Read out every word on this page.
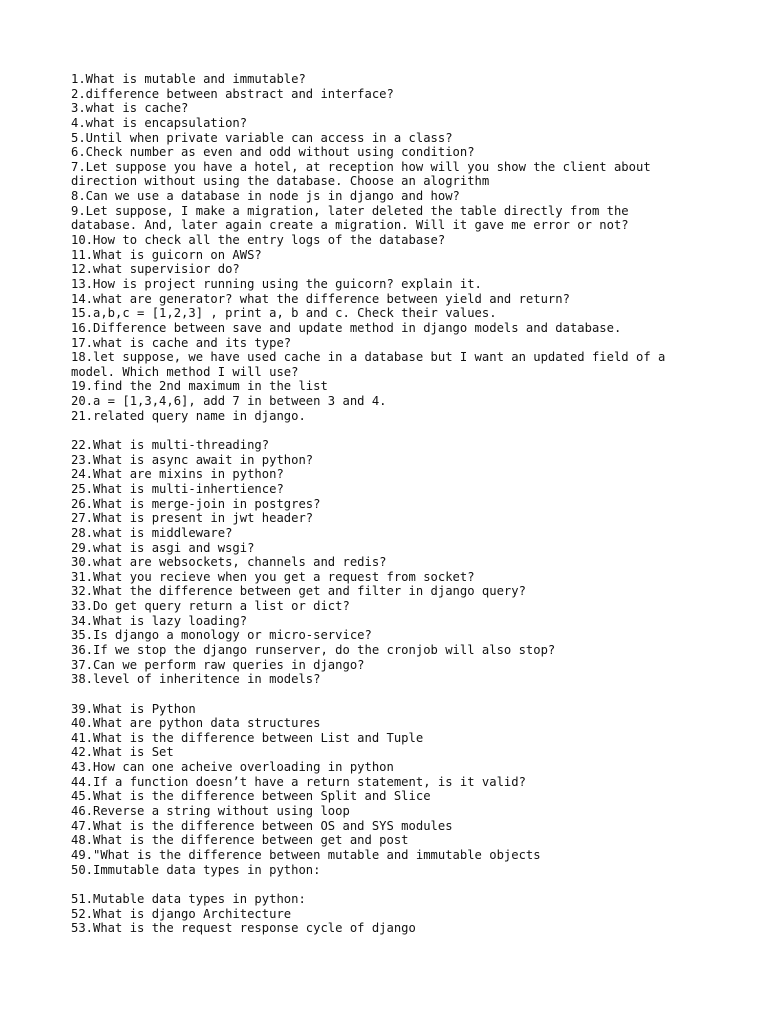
1.What is mutable and immutable?
2.difference between abstract and interface?
3.what is cache?
4.what is encapsulation?
5.Until when private variable can access in a class?
6.Check number as even and odd without using condition?
7.Let suppose you have a hotel, at reception how will you show the client about
direction without using the database. Choose an alogrithm
8.Can we use a database in node js in django and how?
9.Let suppose, I make a migration, later deleted the table directly from the
database. And, later again create a migration. Will it gave me error or not?
10.How to check all the entry logs of the database?
11.What is guicorn on AWS?
12.what supervisior do?
13.How is project running using the guicorn? explain it.
14.what are generator? what the difference between yield and return?
15.a,b,c = [1,2,3] , print a, b and c. Check their values.
16.Difference between save and update method in django models and database.
17.what is cache and its type?
18.let suppose, we have used cache in a database but I want an updated field of a
model. Which method I will use?
19.find the 2nd maximum in the list
20.a = [1,3,4,6], add 7 in between 3 and 4.
21.related query name in django.
22.What is multi-threading?
23.What is async await in python?
24.What are mixins in python?
25.What is multi-inhertience?
26.What is merge-join in postgres?
27.What is present in jwt header?
28.what is middleware?
29.what is asgi and wsgi?
30.what are websockets, channels and redis?
31.What you recieve when you get a request from socket?
32.What the difference between get and filter in django query?
33.Do get query return a list or dict?
34.What is lazy loading?
35.Is django a monology or micro-service?
36.If we stop the django runserver, do the cronjob will also stop?
37.Can we perform raw queries in django?
38.level of inheritence in models?
39.What is Python
40.What are python data structures
41.What is the difference between List and Tuple
42.What is Set
43.How can one acheive overloading in python
44.If a function doesn’t have a return statement, is it valid?
45.What is the difference between Split and Slice
46.Reverse a string without using loop
47.What is the difference between OS and SYS modules
48.What is the difference between get and post
49."What is the difference between mutable and immutable objects
50.Immutable data types in python:
51.Mutable data types in python:
52.What is django Architecture
53.What is the request response cycle of django
